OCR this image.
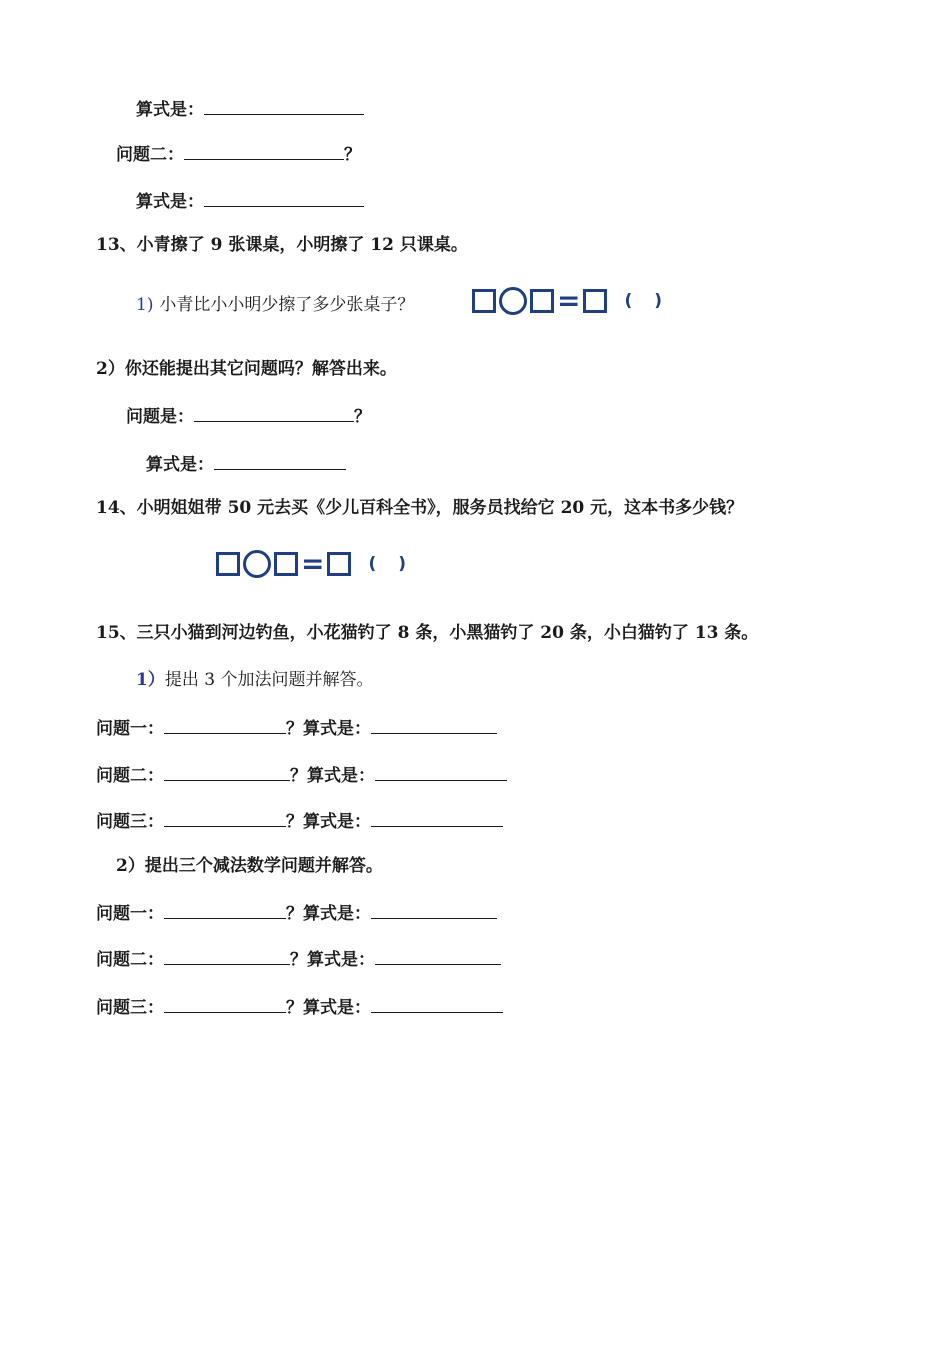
算式是：
问题二：	？
算式是：
13、小青擦了 9 张课桌，小明擦了 12 只课桌。
1) 小青比小小明少擦了多少张桌子？	=	( )
2）你还能提出其它问题吗？解答出来。
问题是：	？
算式是：
14、小明姐姐带 50 元去买《少儿百科全书》，服务员找给它 20 元，这本书多少钱？
=	( )
15、三只小猫到河边钓鱼，小花猫钓了 8 条，小黑猫钓了 20 条，小白猫钓了 13 条。
1）提出 3 个加法问题并解答。
问题一：	？算式是：
问题二：	？算式是：
问题三：	？算式是：
2）提出三个减法数学问题并解答。
问题一：	？算式是：
问题二：	？算式是：
问题三：	？算式是：
